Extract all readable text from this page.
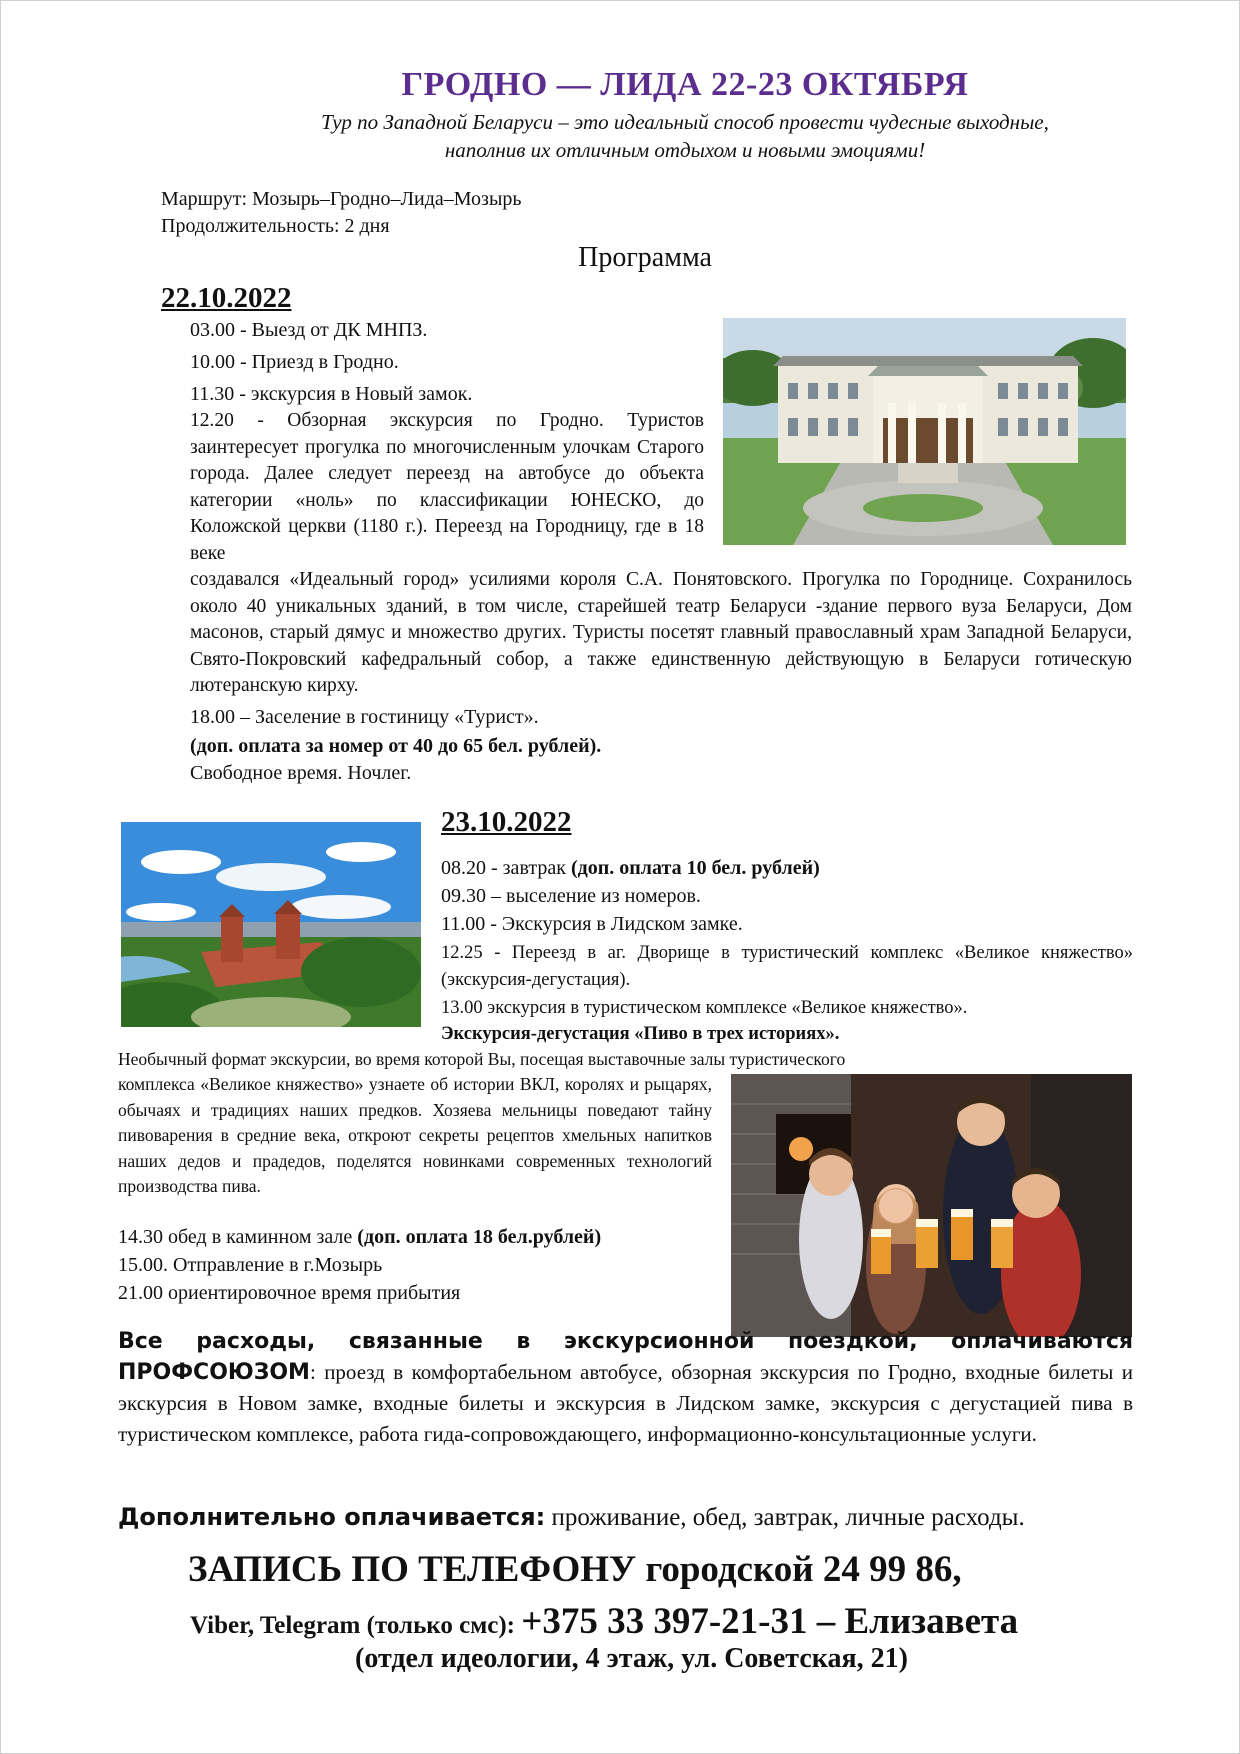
ГРОДНО — ЛИДА 22-23 ОКТЯБРЯ
Тур по Западной Беларуси – это идеальный способ провести чудесные выходные,
наполнив их отличным отдыхом и новыми эмоциями!
Маршрут: Мозырь–Гродно–Лида–Мозырь
Продолжительность: 2 дня
Программа
22.10.2022
03.00 - Выезд от ДК МНПЗ.
10.00 - Приезд в Гродно.
11.30 - экскурсия в Новый замок.
12.20 - Обзорная экскурсия по Гродно. Туристов заинтересует прогулка по многочисленным улочкам Старого города. Далее следует переезд на автобусе до объекта категории «ноль» по классификации ЮНЕСКО, до Коложской церкви (1180 г.). Переезд на Городницу, где в 18 веке
создавался «Идеальный город» усилиями короля С.А. Понятовского. Прогулка по Городнице. Сохранилось около 40 уникальных зданий, в том числе, старейшей театр Беларуси -здание первого вуза Беларуси, Дом масонов, старый дямус и множество других. Туристы посетят главный православный храм Западной Беларуси, Свято-Покровский кафедральный собор, а также единственную действующую в Беларуси готическую лютеранскую кирху.
18.00 – Заселение в гостиницу «Турист».
(доп. оплата за номер от 40 до 65 бел. рублей).
Свободное время. Ночлег.
23.10.2022
08.20 - завтрак (доп. оплата 10 бел. рублей)
09.30 – выселение из номеров.
11.00 - Экскурсия в Лидском замке.
12.25 - Переезд в аг. Дворище в туристический комплекс «Великое княжество» (экскурсия-дегустация).
13.00 экскурсия в туристическом комплексе «Великое княжество».
Экскурсия-дегустация «Пиво в трех историях».
Необычный формат экскурсии, во время которой Вы, посещая выставочные залы туристического
комплекса «Великое княжество» узнаете об истории ВКЛ, королях и рыцарях, обычаях и традициях наших предков. Хозяева мельницы поведают тайну пивоварения в средние века, откроют секреты рецептов хмельных напитков наших дедов и прадедов, поделятся новинками современных технологий производства пива.
14.30 обед в каминном зале (доп. оплата 18 бел.рублей)
15.00. Отправление в г.Мозырь
21.00 ориентировочное время прибытия
Все расходы, связанные в экскурсионной поездкой, оплачиваются ПРОФСОЮЗОМ: проезд в комфортабельном автобусе, обзорная экскурсия по Гродно, входные билеты и экскурсия в Новом замке, входные билеты и экскурсия в Лидском замке, экскурсия с дегустацией пива в туристическом комплексе, работа гида-сопровождающего, информационно-консультационные услуги.
Дополнительно оплачивается: проживание, обед, завтрак, личные расходы.
ЗАПИСЬ ПО ТЕЛЕФОНУ городской 24 99 86,
Viber, Telegram (только смс): +375 33 397-21-31 – Елизавета
(отдел идеологии, 4 этаж, ул. Советская, 21)
